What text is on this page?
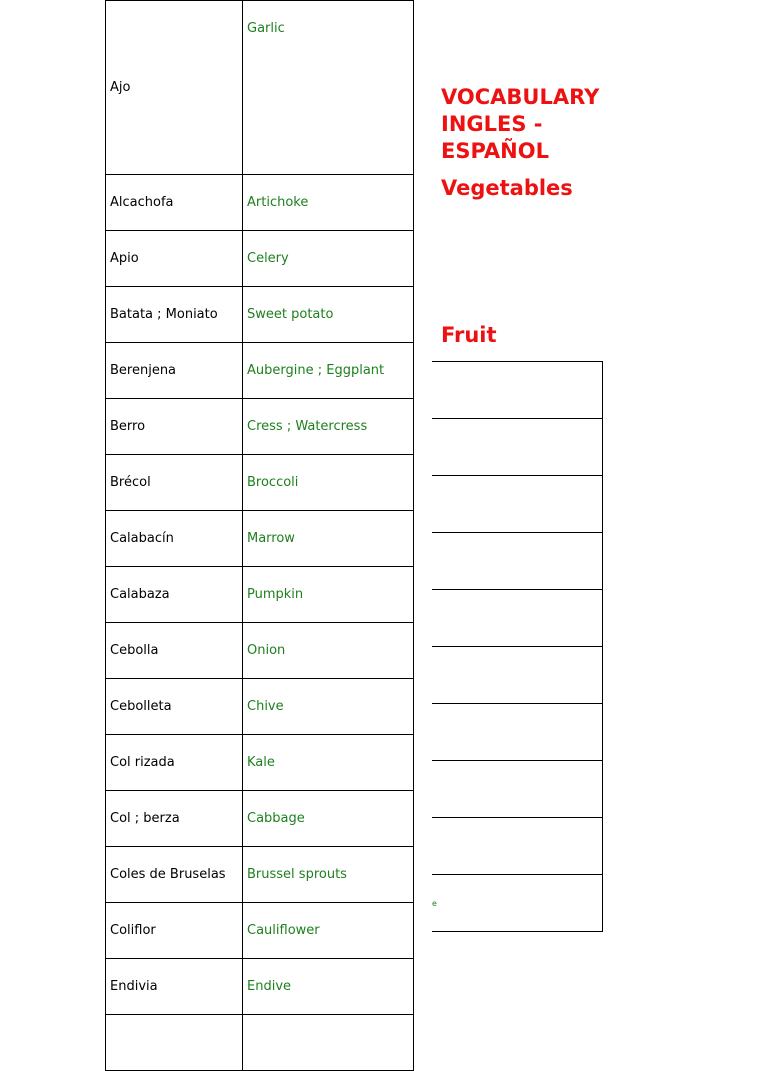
Ajo	Garlic
Alcachofa	Artichoke
Apio	Celery
Batata ; Moniato	Sweet potato
Berenjena	Aubergine ; Eggplant
Berro	Cress ; Watercress
Brécol	Broccoli
Calabacín	Marrow
Calabaza	Pumpkin
Cebolla	Onion
Cebolleta	Chive
Col rizada	Kale
Col ; berza	Cabbage
Coles de Bruselas	Brussel sprouts
Coliflor	Cauliflower
Endivia	Endive

VOCABULARY INGLES - ESPAÑOL
Vegetables
Fruit

e
